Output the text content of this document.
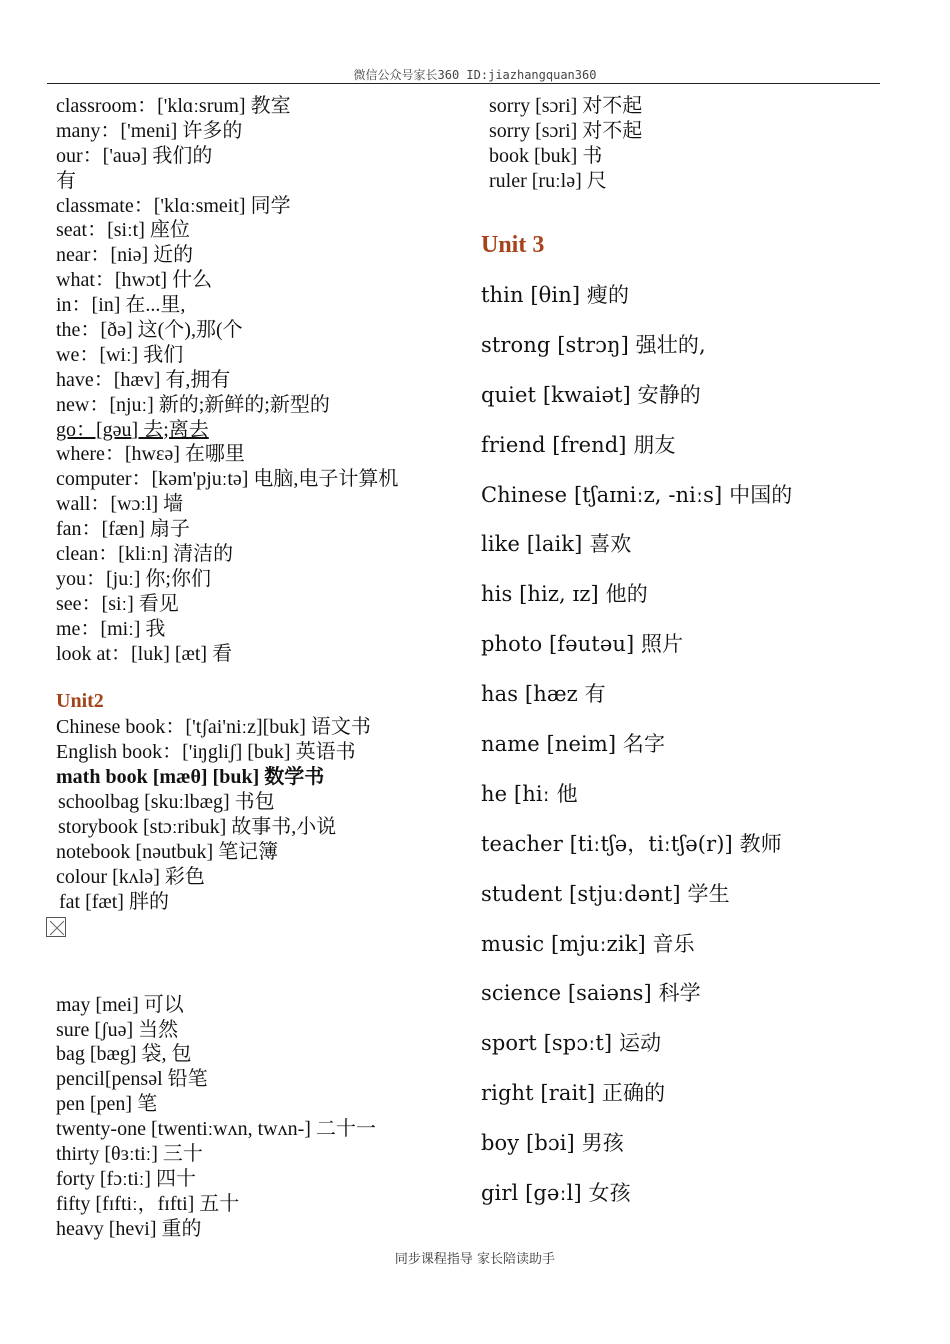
微信公众号家长360 ID:jiazhangquan360
classroom：['klɑːsrum] 教室
many：['meni] 许多的
our：['auə] 我们的
有
classmate：['klɑːsmeit] 同学
seat：[siːt] 座位
near：[niə] 近的
what：[hwɔt] 什么
in：[in] 在...里,
the：[ðə] 这(个),那(个
we：[wiː] 我们
have：[hæv] 有,拥有
new：[njuː] 新的;新鲜的;新型的
go：[gəu] 去;离去
where：[hwεə] 在哪里
computer：[kəm'pjuːtə] 电脑,电子计算机
wall：[wɔːl] 墙
fan：[fæn] 扇子
clean：[kliːn] 清洁的
you：[juː] 你;你们
see：[siː] 看见
me：[miː] 我
look at：[luk] [æt] 看
Unit2
Chinese book：['tʃai'niːz][buk] 语文书
English book：['iŋgliʃ] [buk] 英语书
math book [mæθ] [buk] 数学书
schoolbag [skuːlbæg] 书包
storybook [stɔːribuk] 故事书,小说
notebook [nəutbuk] 笔记簿
colour [kʌlə] 彩色
fat [fæt] 胖的
may [mei] 可以
sure [ʃuə] 当然
bag [bæg] 袋, 包
pencil[pensəl 铅笔
pen [pen] 笔
twenty-one [twentiːwʌn, twʌn-] 二十一
thirty [θɜːtiː] 三十
forty [fɔːtiː] 四十
fifty [fɪftiː，fɪfti] 五十
heavy [hevi] 重的
sorry [sɔri] 对不起
sorry [sɔri] 对不起
book [buk] 书
ruler [ruːlə] 尺
Unit 3
thin [θin] 瘦的
strong [strɔŋ] 强壮的,
quiet [kwaiət] 安静的
friend [frend] 朋友
Chinese [tʃaɪniːz, -niːs] 中国的
like [laik] 喜欢
his [hiz, ɪz] 他的
photo [fəutəu] 照片
has [hæz 有
name [neim] 名字
he [hiː 他
teacher [tiːtʃə，tiːtʃə(r)] 教师
student [stjuːdənt] 学生
music [mjuːzik] 音乐
science [saiəns] 科学
sport [spɔːt] 运动
right [rait] 正确的
boy [bɔi] 男孩
girl [gəːl] 女孩
同步课程指导 家长陪读助手
